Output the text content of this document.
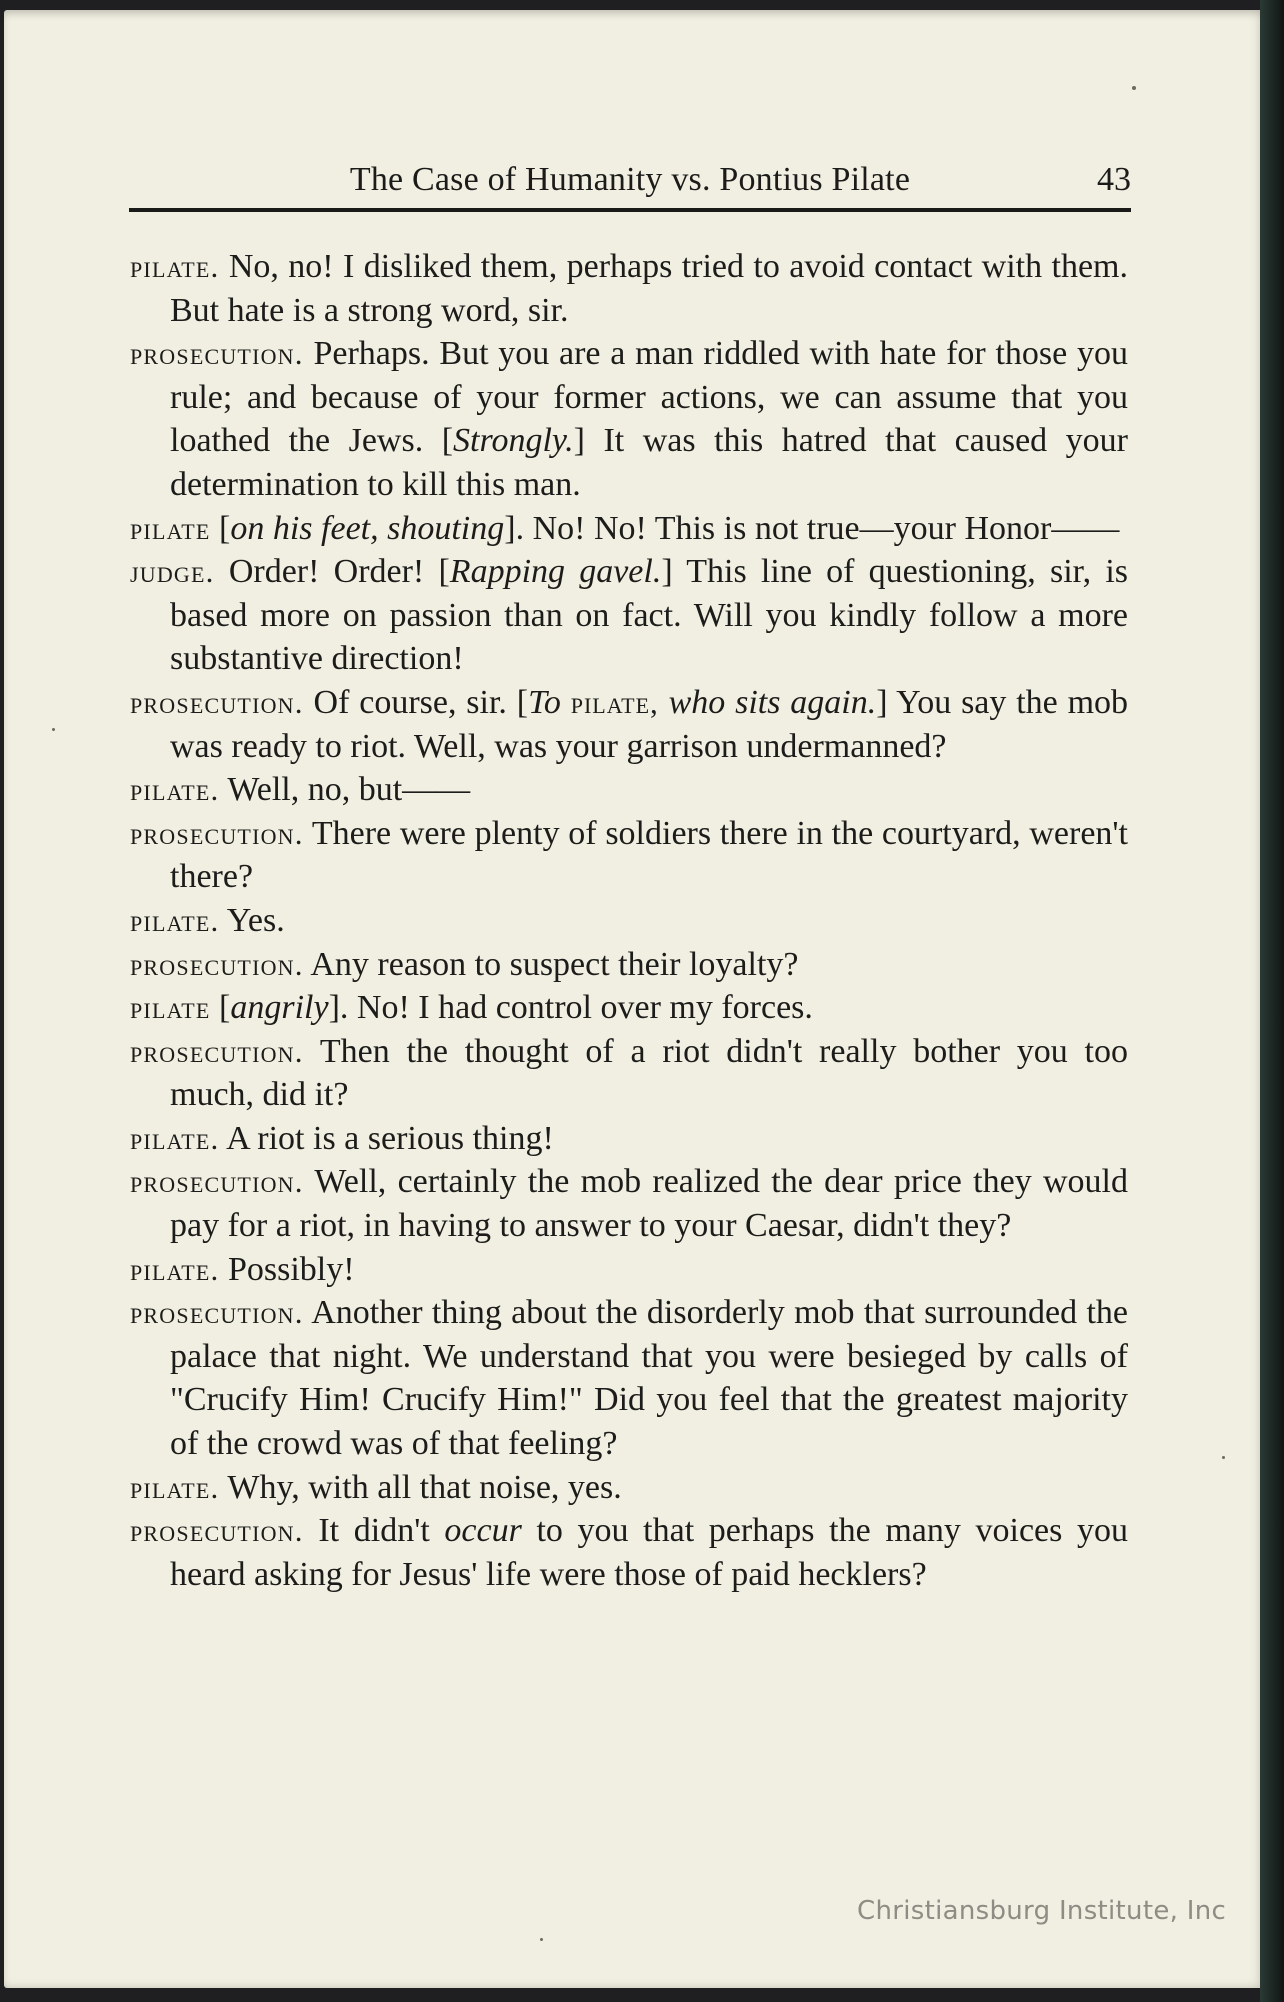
The Case of Humanity vs. Pontius Pilate	43

pilate. No, no! I disliked them, perhaps tried to avoid contact with them. But hate is a strong word, sir.

prosecution. Perhaps. But you are a man riddled with hate for those you rule; and because of your former actions, we can assume that you loathed the Jews. [Strongly.] It was this hatred that caused your determination to kill this man.

pilate [on his feet, shouting]. No! No! This is not true—your Honor——

judge. Order! Order! [Rapping gavel.] This line of questioning, sir, is based more on passion than on fact. Will you kindly follow a more substantive direction!

prosecution. Of course, sir. [To pilate, who sits again.] You say the mob was ready to riot. Well, was your garrison undermanned?

pilate. Well, no, but——

prosecution. There were plenty of soldiers there in the courtyard, weren't there?

pilate. Yes.

prosecution. Any reason to suspect their loyalty?

pilate [angrily]. No! I had control over my forces.

prosecution. Then the thought of a riot didn't really bother you too much, did it?

pilate. A riot is a serious thing!

prosecution. Well, certainly the mob realized the dear price they would pay for a riot, in having to answer to your Caesar, didn't they?

pilate. Possibly!

prosecution. Another thing about the disorderly mob that surrounded the palace that night. We understand that you were besieged by calls of "Crucify Him! Crucify Him!" Did you feel that the greatest majority of the crowd was of that feeling?

pilate. Why, with all that noise, yes.

prosecution. It didn't occur to you that perhaps the many voices you heard asking for Jesus' life were those of paid hecklers?

Christiansburg Institute, Inc
